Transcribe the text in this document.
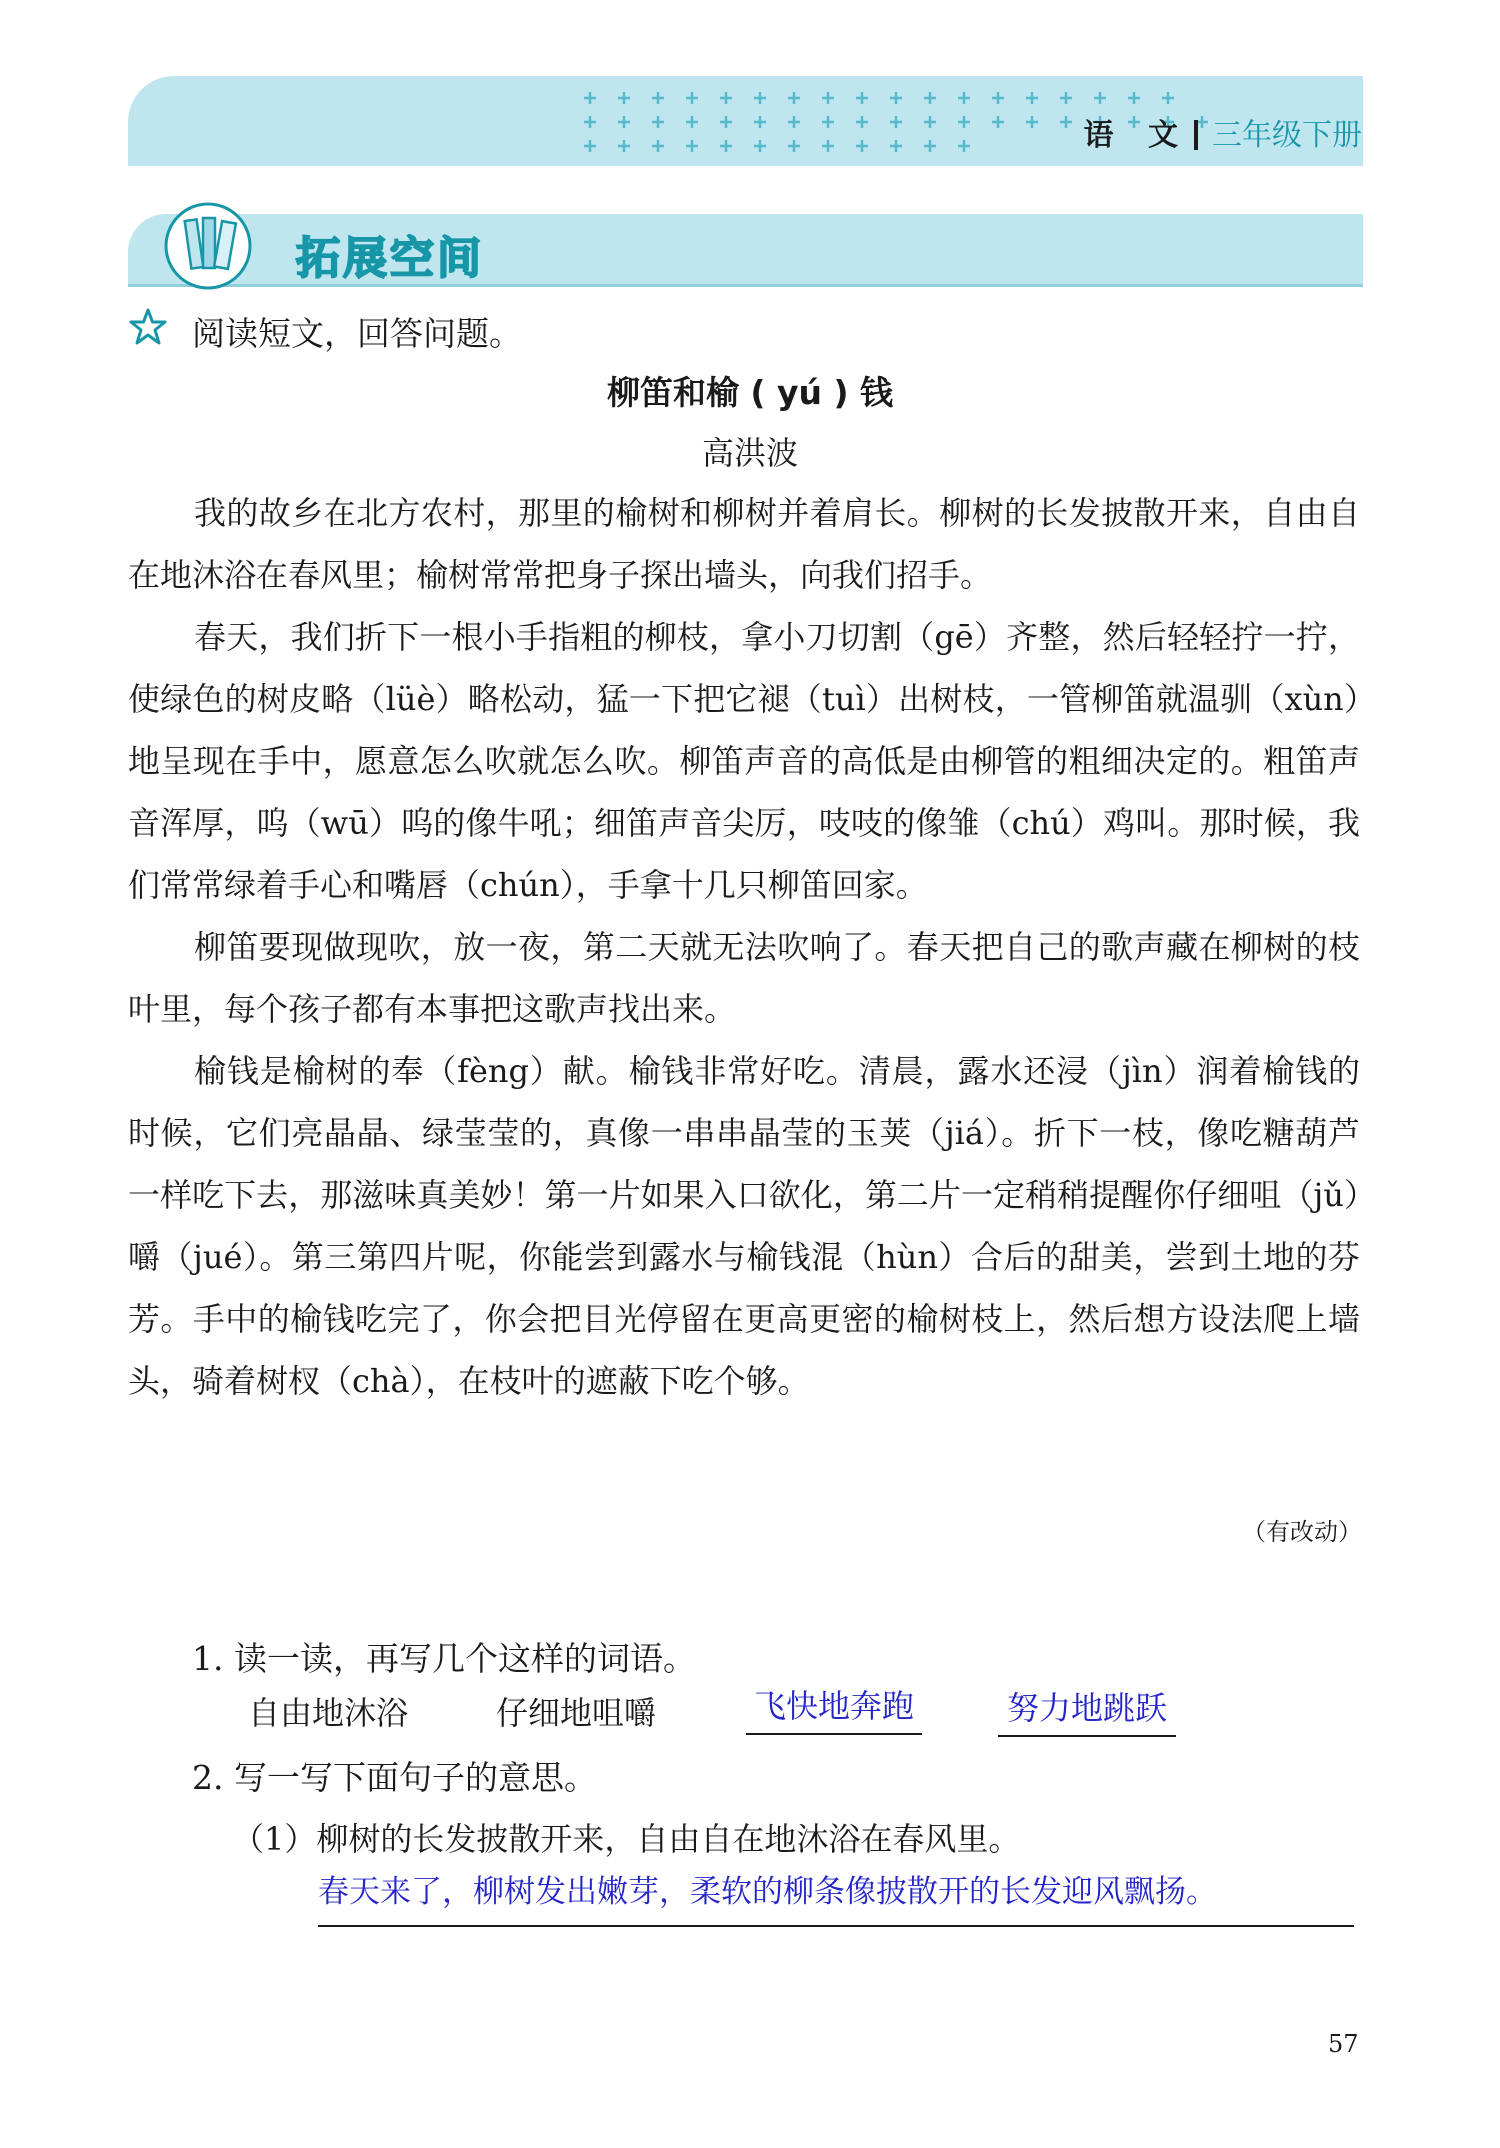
语 文 三年级下册
拓展空间
阅读短文，回答问题。
柳笛和榆 ( yú ) 钱
高洪波

我的故乡在北方农村，那里的榆树和柳树并着肩长。柳树的长发披散开来，自由自在地沐浴在春风里；榆树常常把身子探出墙头，向我们招手。

春天，我们折下一根小手指粗的柳枝，拿小刀切割（gē）齐整，然后轻轻拧一拧，使绿色的树皮略（lüè）略松动，猛一下把它褪（tuì）出树枝，一管柳笛就温驯（xùn）地呈现在手中，愿意怎么吹就怎么吹。柳笛声音的高低是由柳管的粗细决定的。粗笛声音浑厚，呜（wū）呜的像牛吼；细笛声音尖厉，吱吱的像雏（chú）鸡叫。那时候，我们常常绿着手心和嘴唇（chún），手拿十几只柳笛回家。

柳笛要现做现吹，放一夜，第二天就无法吹响了。春天把自己的歌声藏在柳树的枝叶里，每个孩子都有本事把这歌声找出来。

榆钱是榆树的奉（fèng）献。榆钱非常好吃。清晨，露水还浸（jìn）润着榆钱的时候，它们亮晶晶、绿莹莹的，真像一串串晶莹的玉荚（jiá）。折下一枝，像吃糖葫芦一样吃下去，那滋味真美妙！第一片如果入口欲化，第二片一定稍稍提醒你仔细咀（jǔ）嚼（jué）。第三第四片呢，你能尝到露水与榆钱混（hùn）合后的甜美，尝到土地的芬芳。手中的榆钱吃完了，你会把目光停留在更高更密的榆树枝上，然后想方设法爬上墙头，骑着树杈（chà），在枝叶的遮蔽下吃个够。

（有改动）
1. 读一读，再写几个这样的词语。
自由地沐浴	仔细地咀嚼	飞快地奔跑	努力地跳跃
2. 写一写下面句子的意思。
（1）柳树的长发披散开来，自由自在地沐浴在春风里。
春天来了，柳树发出嫩芽，柔软的柳条像披散开的长发迎风飘扬。
57
